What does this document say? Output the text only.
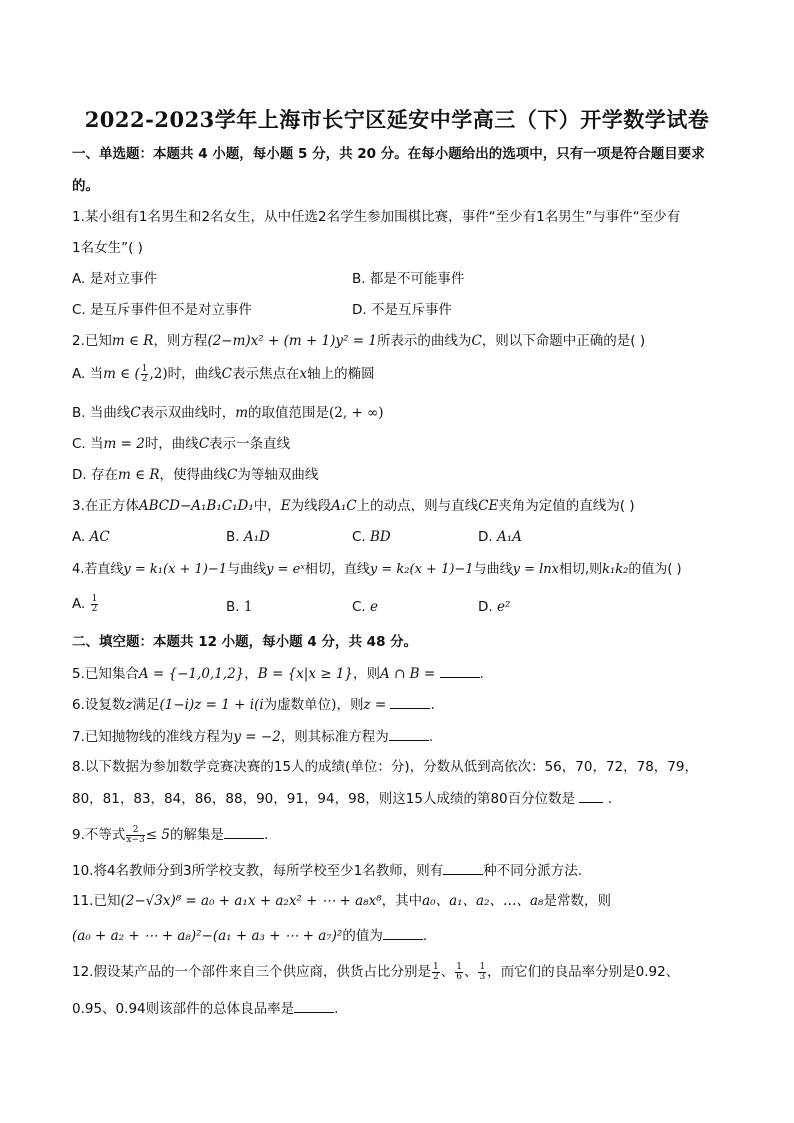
2022-2023学年上海市长宁区延安中学高三（下）开学数学试卷
一、单选题：本题共 4 小题，每小题 5 分，共 20 分。在每小题给出的选项中，只有一项是符合题目要求
的。
1.某小组有1名男生和2名女生，从中任选2名学生参加围棋比赛，事件“至少有1名男生”与事件“至少有
1名女生”( )
A. 是对立事件	B. 都是不可能事件
C. 是互斥事件但不是对立事件	D. 不是互斥事件
2.已知m ∈ R，则方程(2−m)x² + (m + 1)y² = 1所表示的曲线为C，则以下命题中正确的是( )
A. 当m ∈ ( $\frac{1}{2} ,2$)时，曲线C表示焦点在x轴上的椭圆
B. 当曲线C表示双曲线时，m的取值范围是(2, + ∞)
C. 当m = 2时，曲线C表示一条直线
D. 存在m ∈ R，使得曲线C为等轴双曲线
3.在正方体ABCD−A₁B₁C₁D₁中，E为线段A₁C上的动点，则与直线CE夹角为定值的直线为( )
A. AC	B. A₁D	C. BD	D. A₁A
4.若直线y = k₁(x + 1)−1与曲线y = eˣ相切，直线y = k₂(x + 1)−1与曲线y = lnx相切,则k₁k₂的值为( )
A. $\frac{1}{2}$	B. 1	C. e	D. e²
二、填空题：本题共 12 小题，每小题 4 分，共 48 分。
5.已知集合A = {−1,0,1,2}，B = {x|x ≥ 1}，则A ∩ B =	.
6.设复数z满足(1−i)z = 1 + i(i为虚数单位)，则z =	.
7.已知抛物线的准线方程为y = −2，则其标准方程为	.
8.以下数据为参加数学竞赛决赛的15人的成绩(单位：分)，分数从低到高依次：56，70，72，78，79，
80，81，83，84，86，88，90，91，94，98，则这15人成绩的第80百分位数是 .
9.不等式 $\frac{2}{x-3} \le 5$的解集是	.
10.将4名教师分到3所学校支教，每所学校至少1名教师，则有	种不同分派方法.
11.已知(2−√3x)⁸ = a₀ + a₁x + a₂x² + ⋯ + a₈x⁸，其中a₀、a₁、a₂、…、a₈是常数，则
(a₀ + a₂ + ⋯ + a₈)²−(a₁ + a₃ + ⋯ + a₇)²的值为	.
12.假设某产品的一个部件来自三个供应商，供货占比分别是 $\frac{1}{2}$ 、 $\frac{1}{6}$ 、 $\frac{1}{3}$ ，而它们的良品率分别是0.92、
0.95、0.94则该部件的总体良品率是	.
